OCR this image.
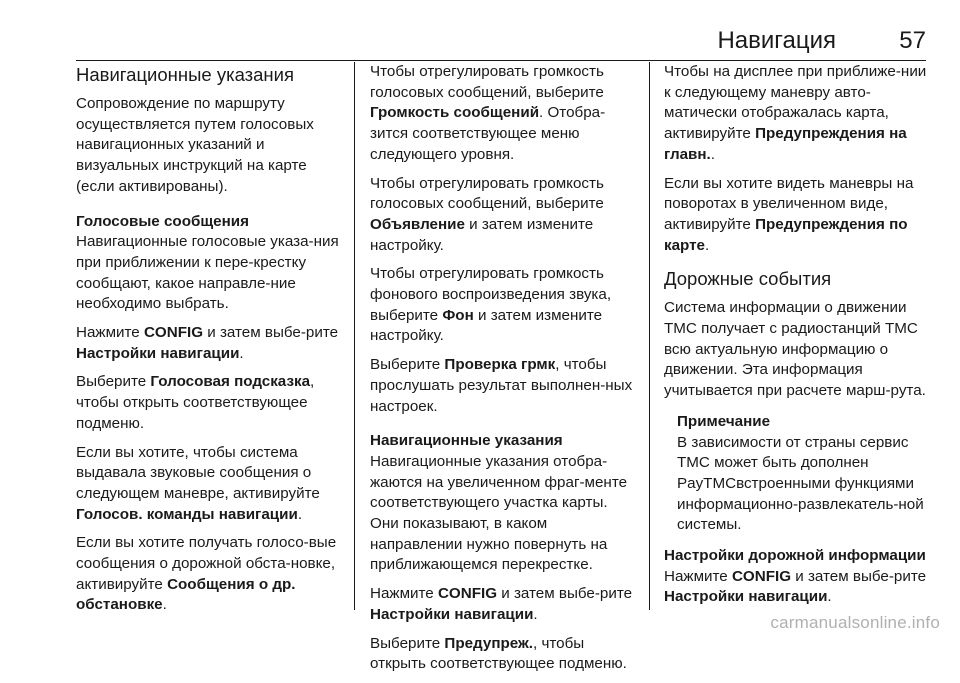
Навигация	57
Навигационные указания

Сопровождение по маршруту осуществляется путем голосовых навигационных указаний и визуальных инструкций на карте (если активированы).

Голосовые сообщения

Навигационные голосовые указа-ния при приближении к пере-крестку сообщают, какое направле-ние необходимо выбрать.

Нажмите CONFIG и затем выбе-рите Настройки навигации.

Выберите Голосовая подсказка, чтобы открыть соответствующее подменю.

Если вы хотите, чтобы система выдавала звуковые сообщения о следующем маневре, активируйте Голосов. команды навигации.

Если вы хотите получать голосо-вые сообщения о дорожной обста-новке, активируйте Сообщения о др. обстановке.

Чтобы отрегулировать громкость голосовых сообщений, выберите Громкость сообщений. Отобра-зится соответствующее меню следующего уровня.

Чтобы отрегулировать громкость голосовых сообщений, выберите Объявление и затем измените настройку.

Чтобы отрегулировать громкость фонового воспроизведения звука, выберите Фон и затем измените настройку.

Выберите Проверка грмк, чтобы прослушать результат выполнен-ных настроек.

Навигационные указания

Навигационные указания отобра-жаются на увеличенном фраг-менте соответствующего участка карты. Они показывают, в каком направлении нужно повернуть на приближающемся перекрестке.

Нажмите CONFIG и затем выбе-рите Настройки навигации.

Выберите Предупреж., чтобы открыть соответствующее подменю.

Чтобы на дисплее при приближе-нии к следующему маневру авто-матически отображалась карта, активируйте Предупреждения на главн..

Если вы хотите видеть маневры на поворотах в увеличенном виде, активируйте Предупреждения по карте.

Дорожные события

Система информации о движении TMC получает с радиостанций TMC всю актуальную информацию о движении. Эта информация учитывается при расчете марш-рута.

Примечание

В зависимости от страны сервис TMC может быть дополнен PayTMCвстроенными функциями информационно-развлекатель-ной системы.

Настройки дорожной информации

Нажмите CONFIG и затем выбе-рите Настройки навигации.

carmanualsonline.info
